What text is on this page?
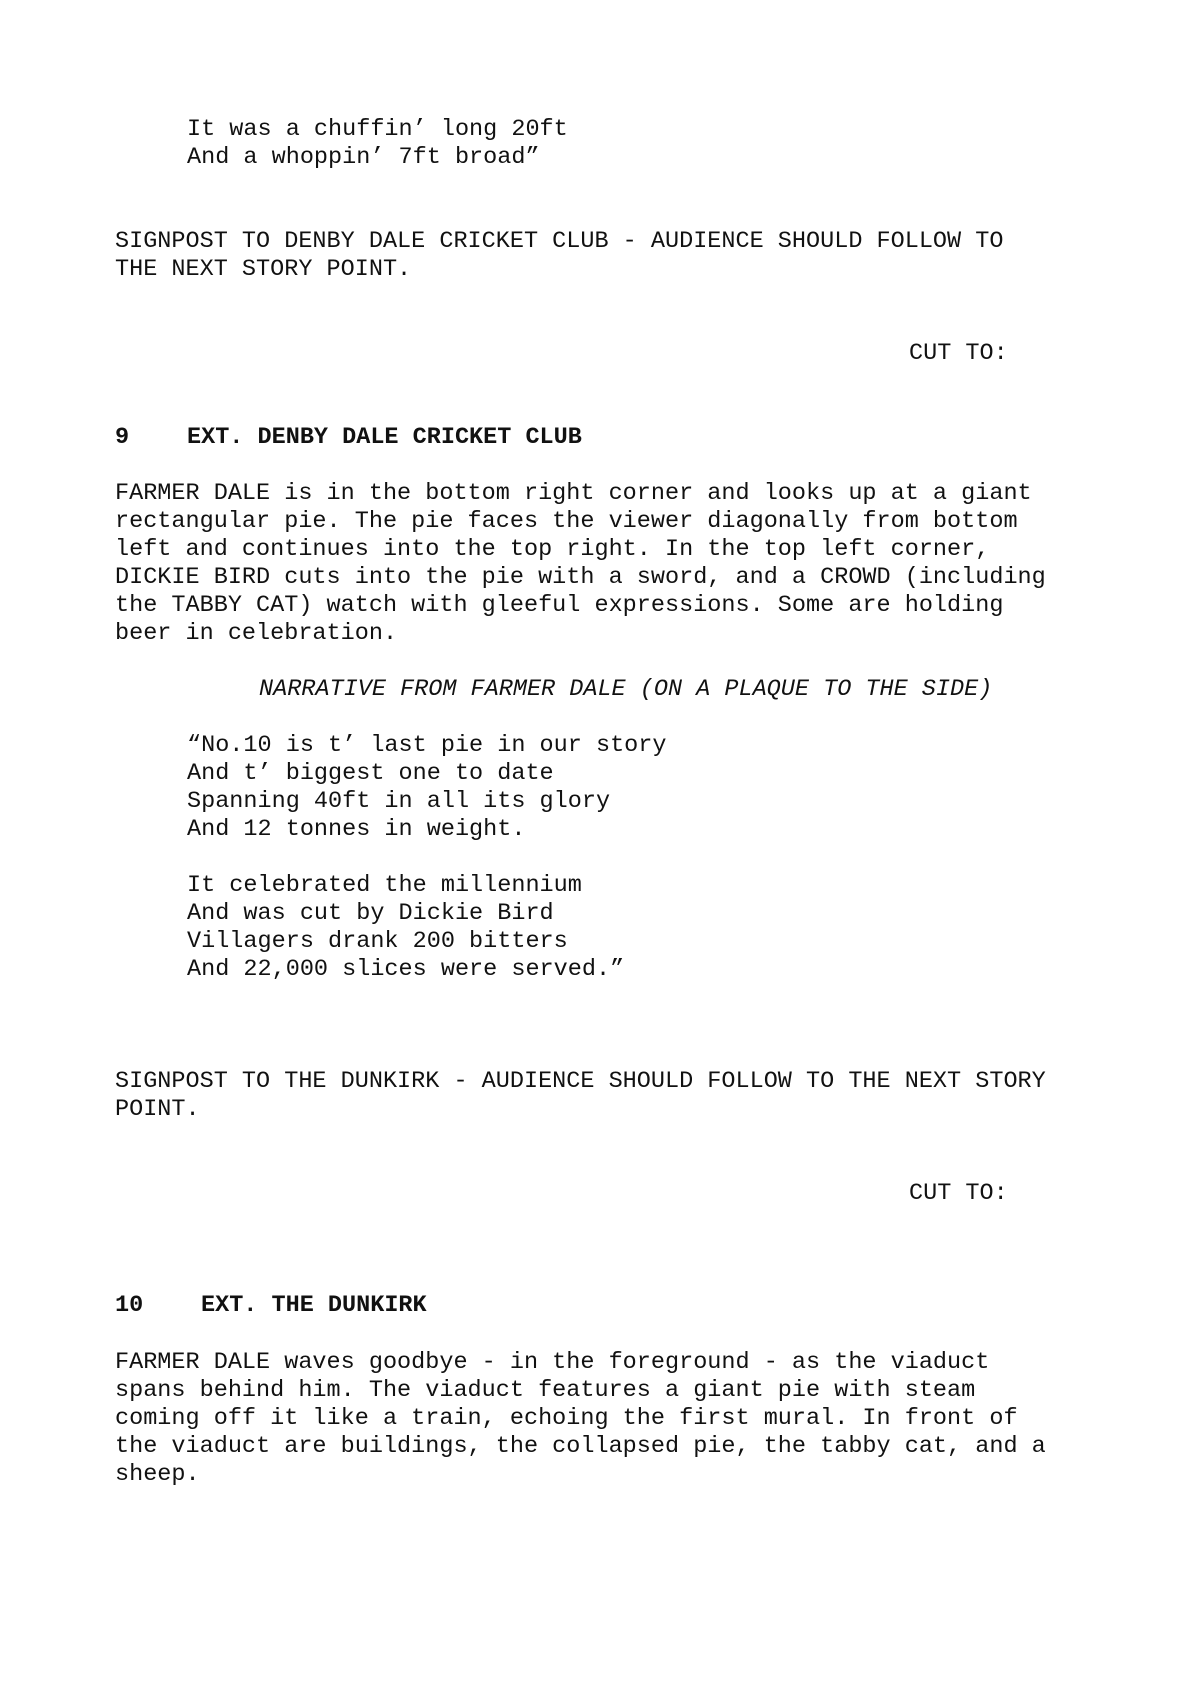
It was a chuffin’ long 20ft
And a whoppin’ 7ft broad”
SIGNPOST TO DENBY DALE CRICKET CLUB - AUDIENCE SHOULD FOLLOW TO
THE NEXT STORY POINT.
CUT TO:
9 EXT. DENBY DALE CRICKET CLUB
FARMER DALE is in the bottom right corner and looks up at a giant
rectangular pie. The pie faces the viewer diagonally from bottom
left and continues into the top right. In the top left corner,
DICKIE BIRD cuts into the pie with a sword, and a CROWD (including
the TABBY CAT) watch with gleeful expressions. Some are holding
beer in celebration.
NARRATIVE FROM FARMER DALE (ON A PLAQUE TO THE SIDE)
“No.10 is t’ last pie in our story
And t’ biggest one to date
Spanning 40ft in all its glory
And 12 tonnes in weight.
It celebrated the millennium
And was cut by Dickie Bird
Villagers drank 200 bitters
And 22,000 slices were served.”
SIGNPOST TO THE DUNKIRK - AUDIENCE SHOULD FOLLOW TO THE NEXT STORY
POINT.
CUT TO:
10 EXT. THE DUNKIRK
FARMER DALE waves goodbye - in the foreground - as the viaduct
spans behind him. The viaduct features a giant pie with steam
coming off it like a train, echoing the first mural. In front of
the viaduct are buildings, the collapsed pie, the tabby cat, and a
sheep.
